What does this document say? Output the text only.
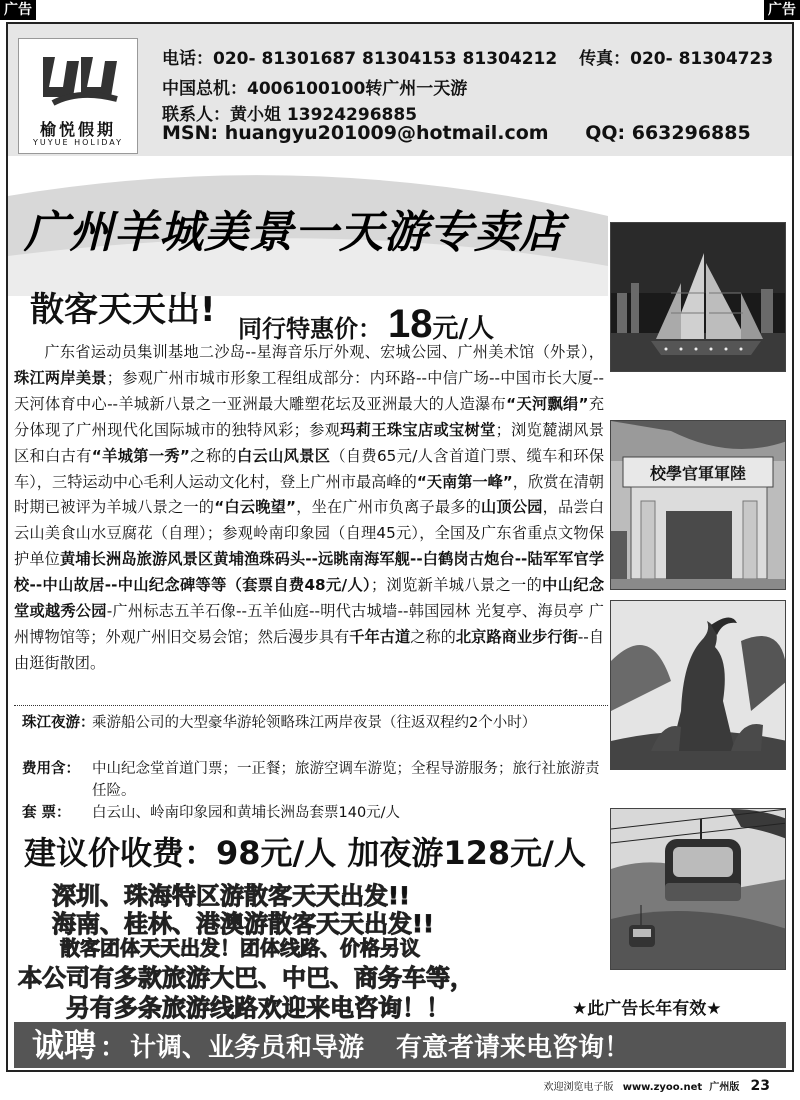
广告	广告
榆悦假期
YUYUE HOLIDAY
电话：020- 81301687 81304153 81304212 传真：020- 81304723
中国总机：4006100100转广州一天游
联系人：黄小姐 13924296885
MSN: huangyu201009@hotmail.com QQ: 663296885
广州羊城美景一天游专卖店
散客天天出! 同行特惠价： 18元/人
广东省运动员集训基地二沙岛--星海音乐厅外观、宏城公园、广州美术馆（外景），珠江两岸美景；参观广州市城市形象工程组成部分：内环路--中信广场--中国市长大厦--天河体育中心--羊城新八景之一亚洲最大雕塑花坛及亚洲最大的人造瀑布“天河飘绢”充分体现了广州现代化国际城市的独特风彩；参观玛莉王珠宝店或宝树堂；浏览麓湖风景区和白古有“羊城第一秀”之称的白云山风景区（自费65元/人含首道门票、缆车和环保车），三特运动中心毛利人运动文化村，登上广州市最高峰的“天南第一峰”，欣赏在清朝时期已被评为羊城八景之一的“白云晚望”，坐在广州市负离子最多的山顶公园，品尝白云山美食山水豆腐花（自理）；参观岭南印象园（自理45元），全国及广东省重点文物保护单位黄埔长洲岛旅游风景区黄埔渔珠码头--远眺南海军舰--白鹤岗古炮台--陆军军官学校--中山故居--中山纪念碑等等（套票自费48元/人）；浏览新羊城八景之一的中山纪念堂或越秀公园-广州标志五羊石像--五羊仙庭--明代古城墙--韩国园林 光复亭、海员亭 广州博物馆等；外观广州旧交易会馆；然后漫步具有千年古道之称的北京路商业步行街--自由逛街散团。
珠江夜游：
乘游船公司的大型豪华游轮领略珠江两岸夜景（往返双程约2个小时）
费用含： 中山纪念堂首道门票；一正餐；旅游空调车游览；全程导游服务；旅行社旅游责任险。
套 票：	白云山、岭南印象园和黄埔长洲岛套票140元/人
建议价收费：98元/人 加夜游128元/人
深圳、珠海特区游散客天天出发!!
海南、桂林、港澳游散客天天出发!!
散客团体天天出发！团体线路、价格另议
本公司有多款旅游大巴、中巴、商务车等，
另有多条旅游线路欢迎来电咨询！！	★此广告长年有效★
诚聘 ： 计调、业务员和导游 有意者请来电咨询！
欢迎浏览电子版 www.zyoo.net 广州版 23
校學官軍軍陸
